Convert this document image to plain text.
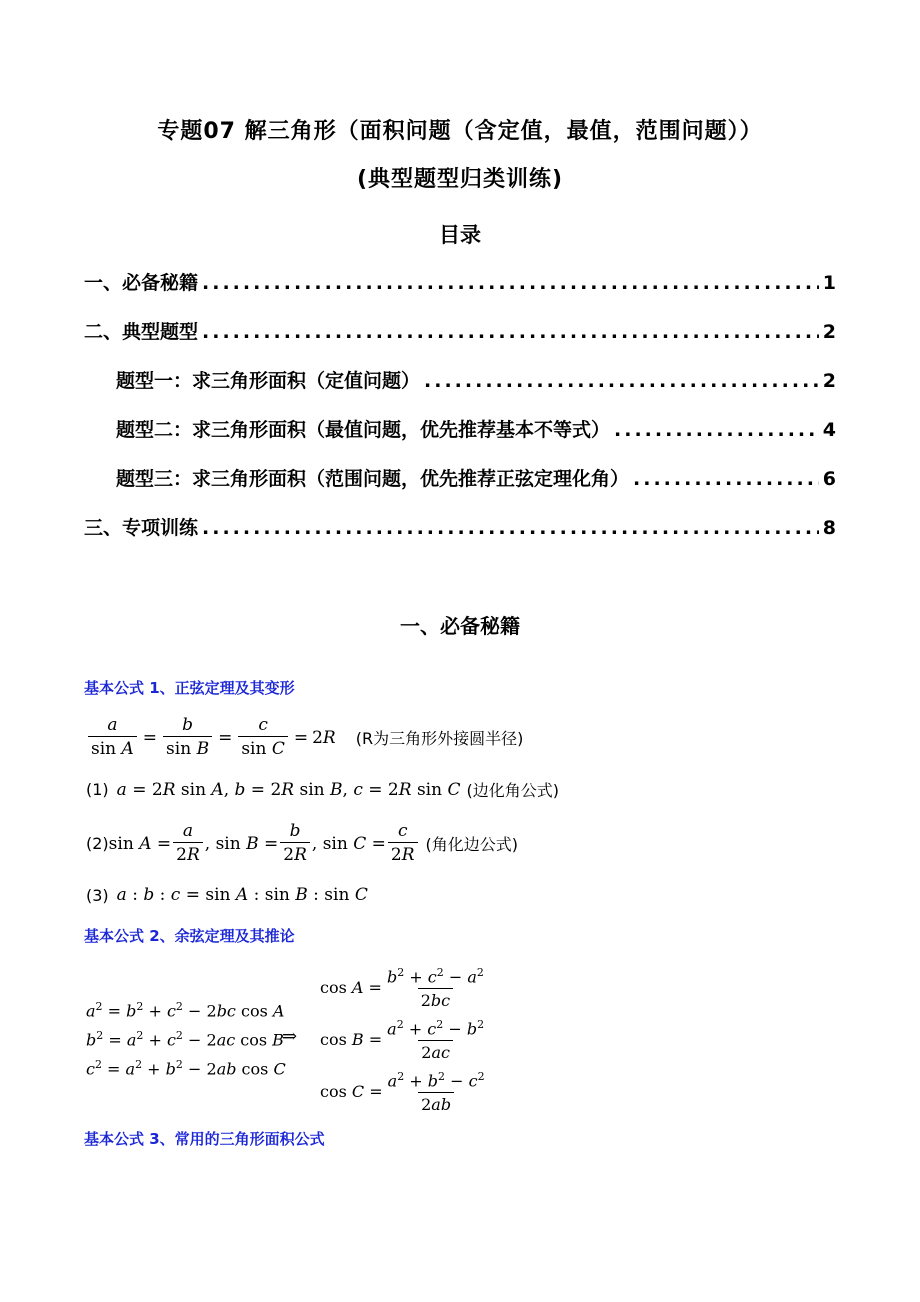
专题07 解三角形（面积问题（含定值，最值，范围问题））
(典型题型归类训练)
目录
一、必备秘籍 .....	1
二、典型题型 .....	2
题型一：求三角形面积（定值问题） .....	2
题型二：求三角形面积（最值问题，优先推荐基本不等式） .....	4
题型三：求三角形面积（范围问题，优先推荐正弦定理化角） .....	6
三、专项训练 .....	8
一、必备秘籍
基本公式 1、正弦定理及其变形
$\frac{a}{\text{sin A}} = \frac{b}{\text{sin B}} = \frac{c}{\text{sin C}} = 2R$ (R为三角形外接圆半径)
(1) a = 2R sin A, b = 2R sin B, c = 2R sin C (边化角公式)
(2) $\sin A = \frac{a}{2R}$ , $\sin B = \frac{b}{2R}$ , $\sin C = \frac{c}{2R}$ (角化边公式)
(3) a : b : c = sin A : sin B : sin C
基本公式 2、余弦定理及其推论
$a^2 = b^2 + c^2 - 2bc$ cos A
$b^2 = a^2 + c^2 - 2ac$ cos B
$c^2 = a^2 + b^2 - 2ab$ cos C
⇒
$\cos A = \frac{b^2 + c^2 - a^2}{2bc}$
$\cos B = \frac{a^2 + c^2 - b^2}{2ac}$
$\cos C = \frac{a^2 + b^2 - c^2}{2ab}$
基本公式 3、常用的三角形面积公式
